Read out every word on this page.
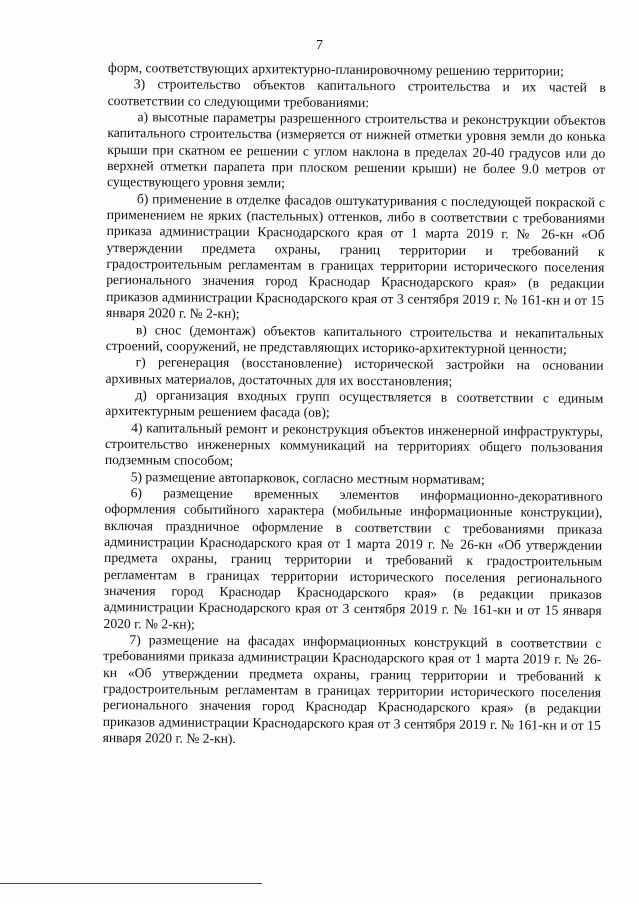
7

форм, соответствующих архитектурно-планировочному решению территории;

3) строительство объектов капитального строительства и их частей в соответствии со следующими требованиями:

а) высотные параметры разрешенного строительства и реконструкции объектов капитального строительства (измеряется от нижней отметки уровня земли до конька крыши при скатном ее решении с углом наклона в пределах 20-40 градусов или до верхней отметки парапета при плоском решении крыши) не более 9.0 метров от существующего уровня земли;

б) применение в отделке фасадов оштукатуривания с последующей покраской с применением не ярких (пастельных) оттенков, либо в соответствии с требованиями приказа администрации Краснодарского края от 1 марта 2019 г. № 26-кн «Об утверждении предмета охраны, границ территории и требований к градостроительным регламентам в границах территории исторического поселения регионального значения город Краснодар Краснодарского края» (в редакции приказов администрации Краснодарского края от 3 сентября 2019 г. № 161-кн и от 15 января 2020 г. № 2-кн);

в) снос (демонтаж) объектов капитального строительства и некапитальных строений, сооружений, не представляющих историко-архитектурной ценности;

г) регенерация (восстановление) исторической застройки на основании архивных материалов, достаточных для их восстановления;

д) организация входных групп осуществляется в соответствии с единым архитектурным решением фасада (ов);

4) капитальный ремонт и реконструкция объектов инженерной инфраструктуры, строительство инженерных коммуникаций на территориях общего пользования подземным способом;

5) размещение автопарковок, согласно местным нормативам;

6) размещение временных элементов информационно-декоративного оформления событийного характера (мобильные информационные конструкции), включая праздничное оформление в соответствии с требованиями приказа администрации Краснодарского края от 1 марта 2019 г. № 26-кн «Об утверждении предмета охраны, границ территории и требований к градостроительным регламентам в границах территории исторического поселения регионального значения город Краснодар Краснодарского края» (в редакции приказов администрации Краснодарского края от 3 сентября 2019 г. № 161-кн и от 15 января 2020 г. № 2-кн);

7) размещение на фасадах информационных конструкций в соответствии с требованиями приказа администрации Краснодарского края от 1 марта 2019 г. № 26-кн «Об утверждении предмета охраны, границ территории и требований к градостроительным регламентам в границах территории исторического поселения регионального значения город Краснодар Краснодарского края» (в редакции приказов администрации Краснодарского края от 3 сентября 2019 г. № 161-кн и от 15 января 2020 г. № 2-кн).
